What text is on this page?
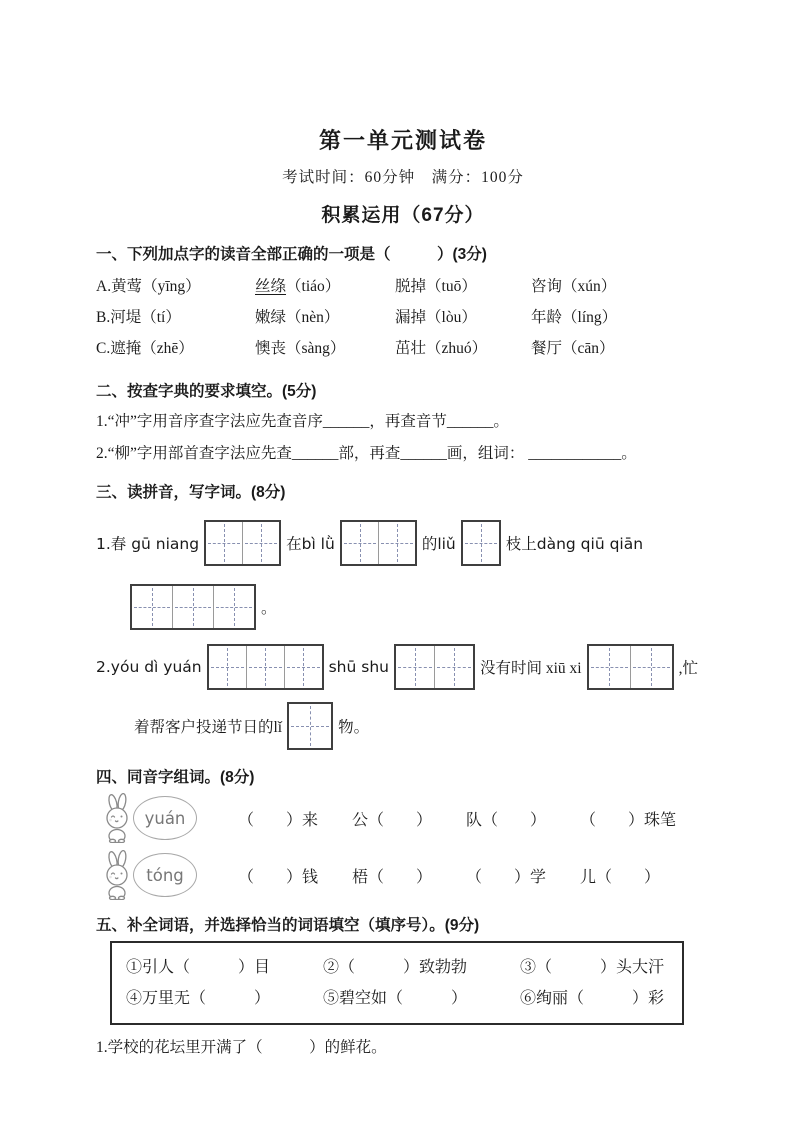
第一单元测试卷
考试时间：60分钟　满分：100分
积累运用（67分）
一、下列加点字的读音全部正确的一项是（　　　）(3分)
A.黄莺（yīng）	丝绦（tiáo）	脱掉（tuō）	咨询（xún）
B.河堤（tí）	嫩绿（nèn）	漏掉（lòu）	年龄（líng）
C.遮掩（zhē）	懊丧（sàng）	茁壮（zhuó）	餐厅（cān）
二、按查字典的要求填空。(5分)
1.“冲”字用音序查字法应先查音序______，再查音节______。
2.“柳”字用部首查字法应先查______部，再查______画，组词： ____________。
三、读拼音，写字词。(8分)
1.春 gū niang	在bì lǜ	的liǔ	枝上dàng qiū qiān
。
2.yóu dì yuán	shū shu	没有时间 xiū xi	,忙
着帮客户投递节日的lǐ	物。
四、同音字组词。(8分)
yuán	（　　）来 公（　　） 队（　　） （　　）珠笔
tóng	（　　）钱 梧（　　） （　　）学 儿（　　）
五、补全词语，并选择恰当的词语填空（填序号）。(9分)
①引人（　　　）目	②（　　　）致勃勃	③（　　　）头大汗
④万里无（　　　）	⑤碧空如（　　　）	⑥绚丽（　　　）彩
1.学校的花坛里开满了（　　　）的鲜花。
